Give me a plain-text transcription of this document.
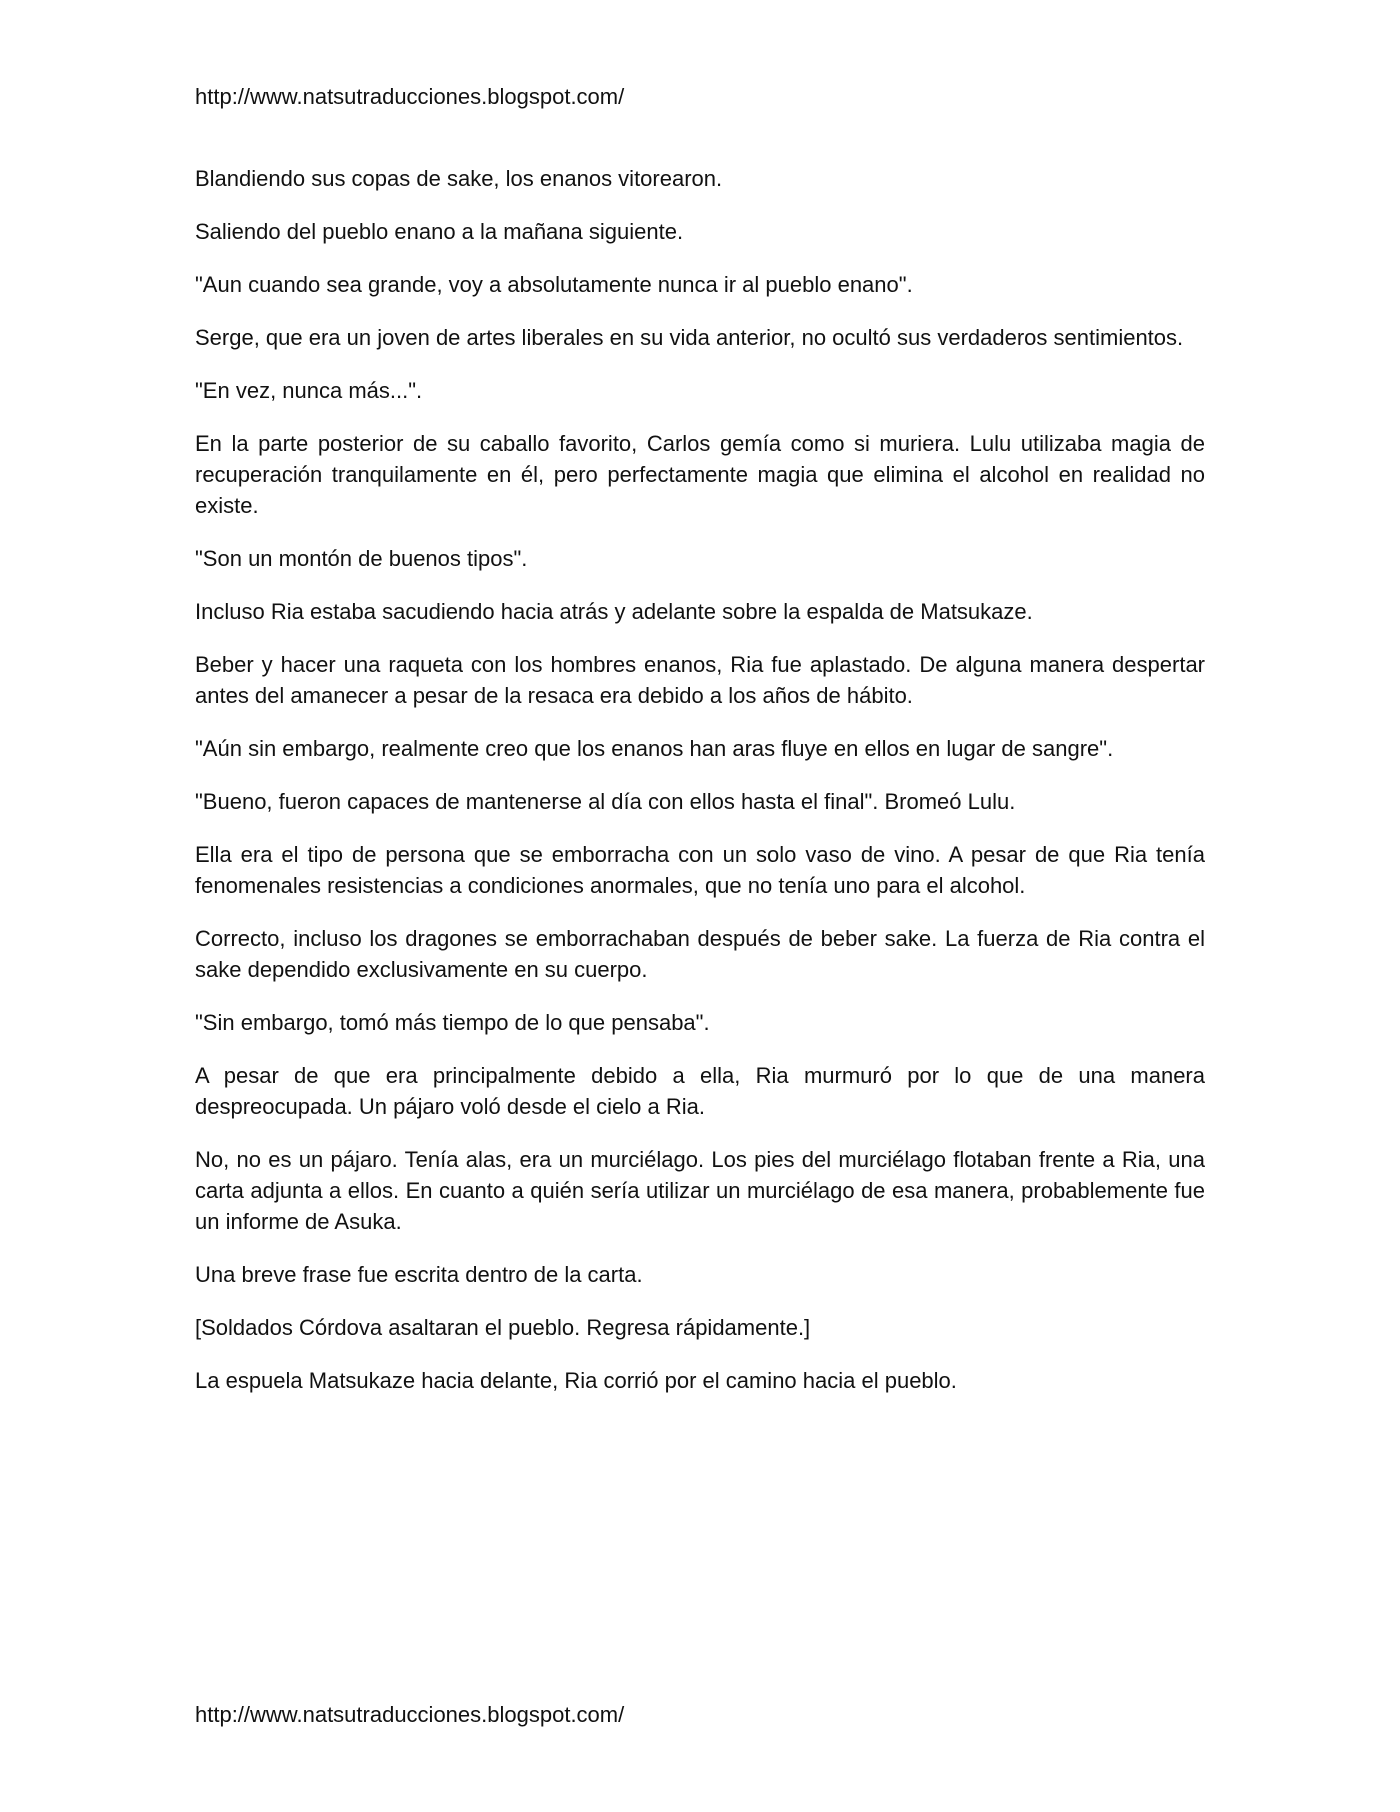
http://www.natsutraducciones.blogspot.com/

Blandiendo sus copas de sake, los enanos vitorearon.

Saliendo del pueblo enano a la mañana siguiente.

"Aun cuando sea grande, voy a absolutamente nunca ir al pueblo enano".

Serge, que era un joven de artes liberales en su vida anterior, no ocultó sus verdaderos sentimientos.

"En vez, nunca más...".

En la parte posterior de su caballo favorito, Carlos gemía como si muriera. Lulu utilizaba magia de recuperación tranquilamente en él, pero perfectamente magia que elimina el alcohol en realidad no existe.

"Son un montón de buenos tipos".

Incluso Ria estaba sacudiendo hacia atrás y adelante sobre la espalda de Matsukaze.

Beber y hacer una raqueta con los hombres enanos, Ria fue aplastado. De alguna manera despertar antes del amanecer a pesar de la resaca era debido a los años de hábito.

"Aún sin embargo, realmente creo que los enanos han aras fluye en ellos en lugar de sangre".

"Bueno, fueron capaces de mantenerse al día con ellos hasta el final". Bromeó Lulu.

Ella era el tipo de persona que se emborracha con un solo vaso de vino. A pesar de que Ria tenía fenomenales resistencias a condiciones anormales, que no tenía uno para el alcohol.

Correcto, incluso los dragones se emborrachaban después de beber sake. La fuerza de Ria contra el sake dependido exclusivamente en su cuerpo.

"Sin embargo, tomó más tiempo de lo que pensaba".

A pesar de que era principalmente debido a ella, Ria murmuró por lo que de una manera despreocupada. Un pájaro voló desde el cielo a Ria.

No, no es un pájaro. Tenía alas, era un murciélago. Los pies del murciélago flotaban frente a Ria, una carta adjunta a ellos. En cuanto a quién sería utilizar un murciélago de esa manera, probablemente fue un informe de Asuka.

Una breve frase fue escrita dentro de la carta.

[Soldados Córdova asaltaran el pueblo. Regresa rápidamente.]

La espuela Matsukaze hacia delante, Ria corrió por el camino hacia el pueblo.

http://www.natsutraducciones.blogspot.com/
